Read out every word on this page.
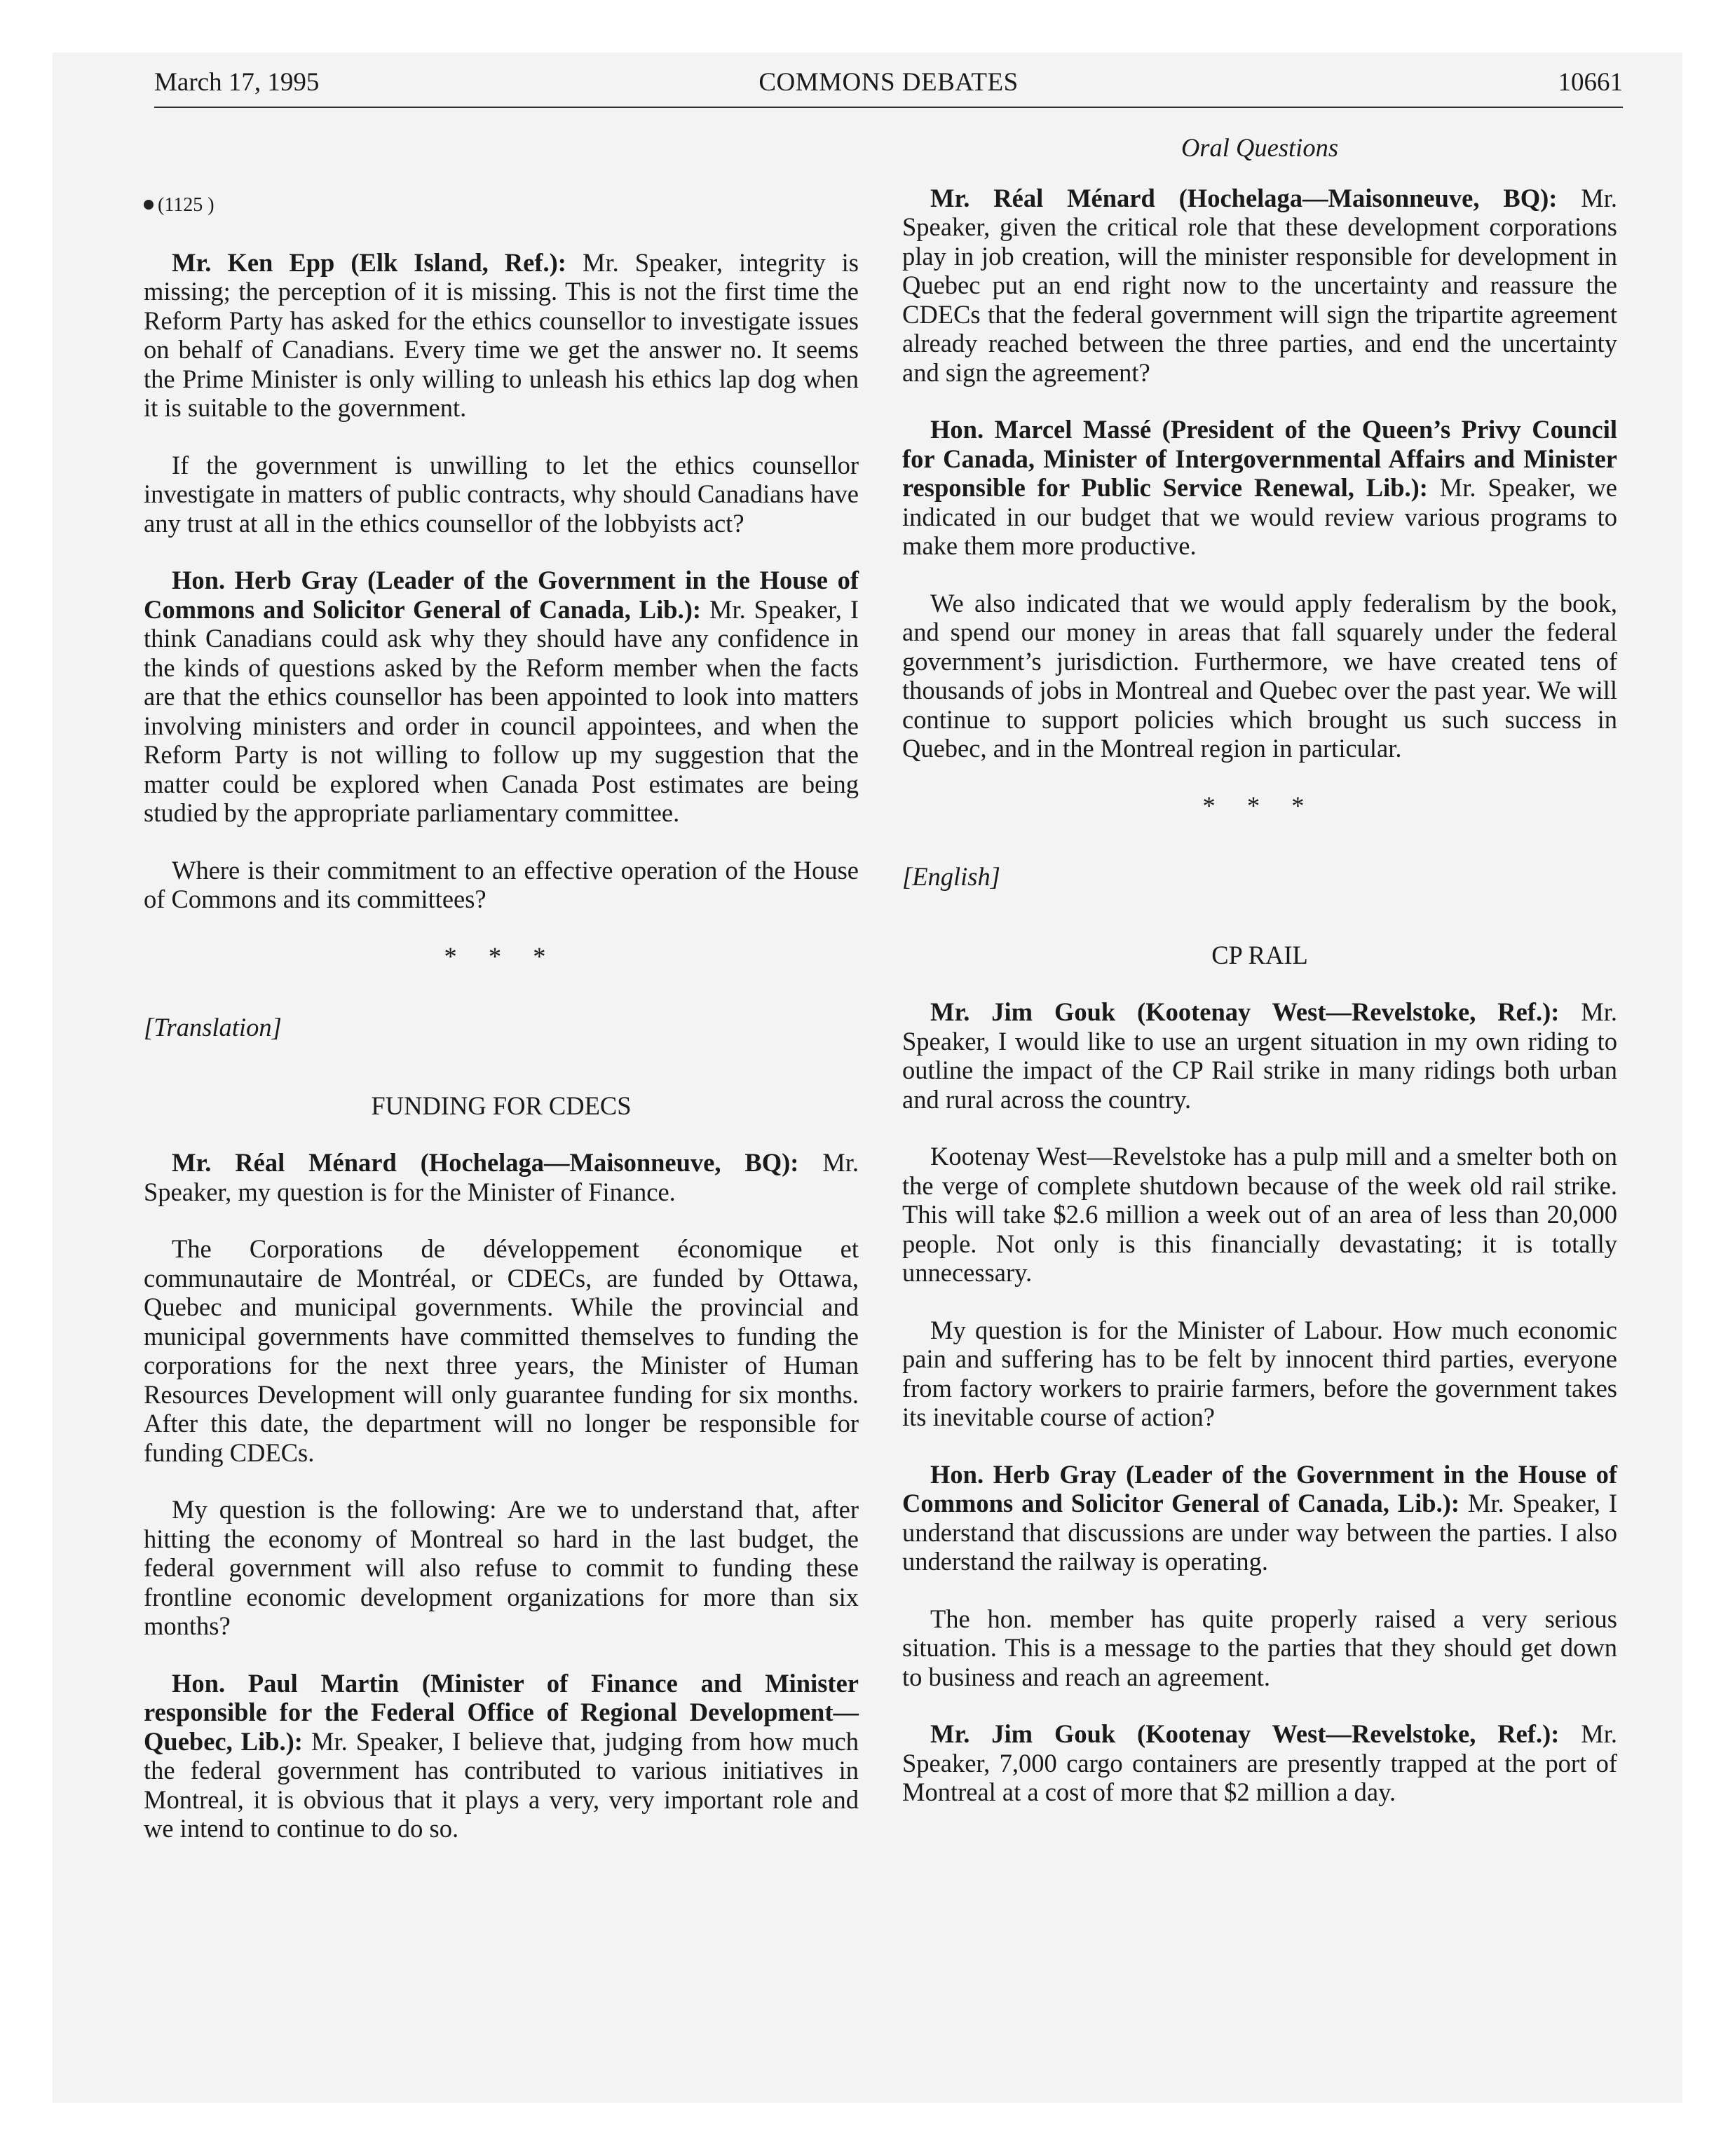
March 17, 1995	COMMONS DEBATES	10661
(1125 )

Mr. Ken Epp (Elk Island, Ref.): Mr. Speaker, integrity is missing; the perception of it is missing. This is not the first time the Reform Party has asked for the ethics counsellor to investigate issues on behalf of Canadians. Every time we get the answer no. It seems the Prime Minister is only willing to unleash his ethics lap dog when it is suitable to the government.

If the government is unwilling to let the ethics counsellor investigate in matters of public contracts, why should Canadians have any trust at all in the ethics counsellor of the lobbyists act?

Hon. Herb Gray (Leader of the Government in the House of Commons and Solicitor General of Canada, Lib.): Mr. Speaker, I think Canadians could ask why they should have any confidence in the kinds of questions asked by the Reform member when the facts are that the ethics counsellor has been appointed to look into matters involving ministers and order in council appointees, and when the Reform Party is not willing to follow up my suggestion that the matter could be explored when Canada Post estimates are being studied by the appropriate parliamentary committee.

Where is their commitment to an effective operation of the House of Commons and its committees?

* * *
[Translation]
FUNDING FOR CDECS

Mr. Réal Ménard (Hochelaga—Maisonneuve, BQ): Mr. Speaker, my question is for the Minister of Finance.

The Corporations de développement économique et communautaire de Montréal, or CDECs, are funded by Ottawa, Quebec and municipal governments. While the provincial and municipal governments have committed themselves to funding the corporations for the next three years, the Minister of Human Resources Development will only guarantee funding for six months. After this date, the department will no longer be responsible for funding CDECs.

My question is the following: Are we to understand that, after hitting the economy of Montreal so hard in the last budget, the federal government will also refuse to commit to funding these frontline economic development organizations for more than six months?

Hon. Paul Martin (Minister of Finance and Minister responsible for the Federal Office of Regional Development—Quebec, Lib.): Mr. Speaker, I believe that, judging from how much the federal government has contributed to various initiatives in Montreal, it is obvious that it plays a very, very important role and we intend to continue to do so.

Oral Questions

Mr. Réal Ménard (Hochelaga—Maisonneuve, BQ): Mr. Speaker, given the critical role that these development corporations play in job creation, will the minister responsible for development in Quebec put an end right now to the uncertainty and reassure the CDECs that the federal government will sign the tripartite agreement already reached between the three parties, and end the uncertainty and sign the agreement?

Hon. Marcel Massé (President of the Queen’s Privy Council for Canada, Minister of Intergovernmental Affairs and Minister responsible for Public Service Renewal, Lib.): Mr. Speaker, we indicated in our budget that we would review various programs to make them more productive.

We also indicated that we would apply federalism by the book, and spend our money in areas that fall squarely under the federal government’s jurisdiction. Furthermore, we have created tens of thousands of jobs in Montreal and Quebec over the past year. We will continue to support policies which brought us such success in Quebec, and in the Montreal region in particular.

* * *
[English]
CP RAIL

Mr. Jim Gouk (Kootenay West—Revelstoke, Ref.): Mr. Speaker, I would like to use an urgent situation in my own riding to outline the impact of the CP Rail strike in many ridings both urban and rural across the country.

Kootenay West—Revelstoke has a pulp mill and a smelter both on the verge of complete shutdown because of the week old rail strike. This will take $2.6 million a week out of an area of less than 20,000 people. Not only is this financially devastating; it is totally unnecessary.

My question is for the Minister of Labour. How much economic pain and suffering has to be felt by innocent third parties, everyone from factory workers to prairie farmers, before the government takes its inevitable course of action?

Hon. Herb Gray (Leader of the Government in the House of Commons and Solicitor General of Canada, Lib.): Mr. Speaker, I understand that discussions are under way between the parties. I also understand the railway is operating.

The hon. member has quite properly raised a very serious situation. This is a message to the parties that they should get down to business and reach an agreement.

Mr. Jim Gouk (Kootenay West—Revelstoke, Ref.): Mr. Speaker, 7,000 cargo containers are presently trapped at the port of Montreal at a cost of more that $2 million a day.
